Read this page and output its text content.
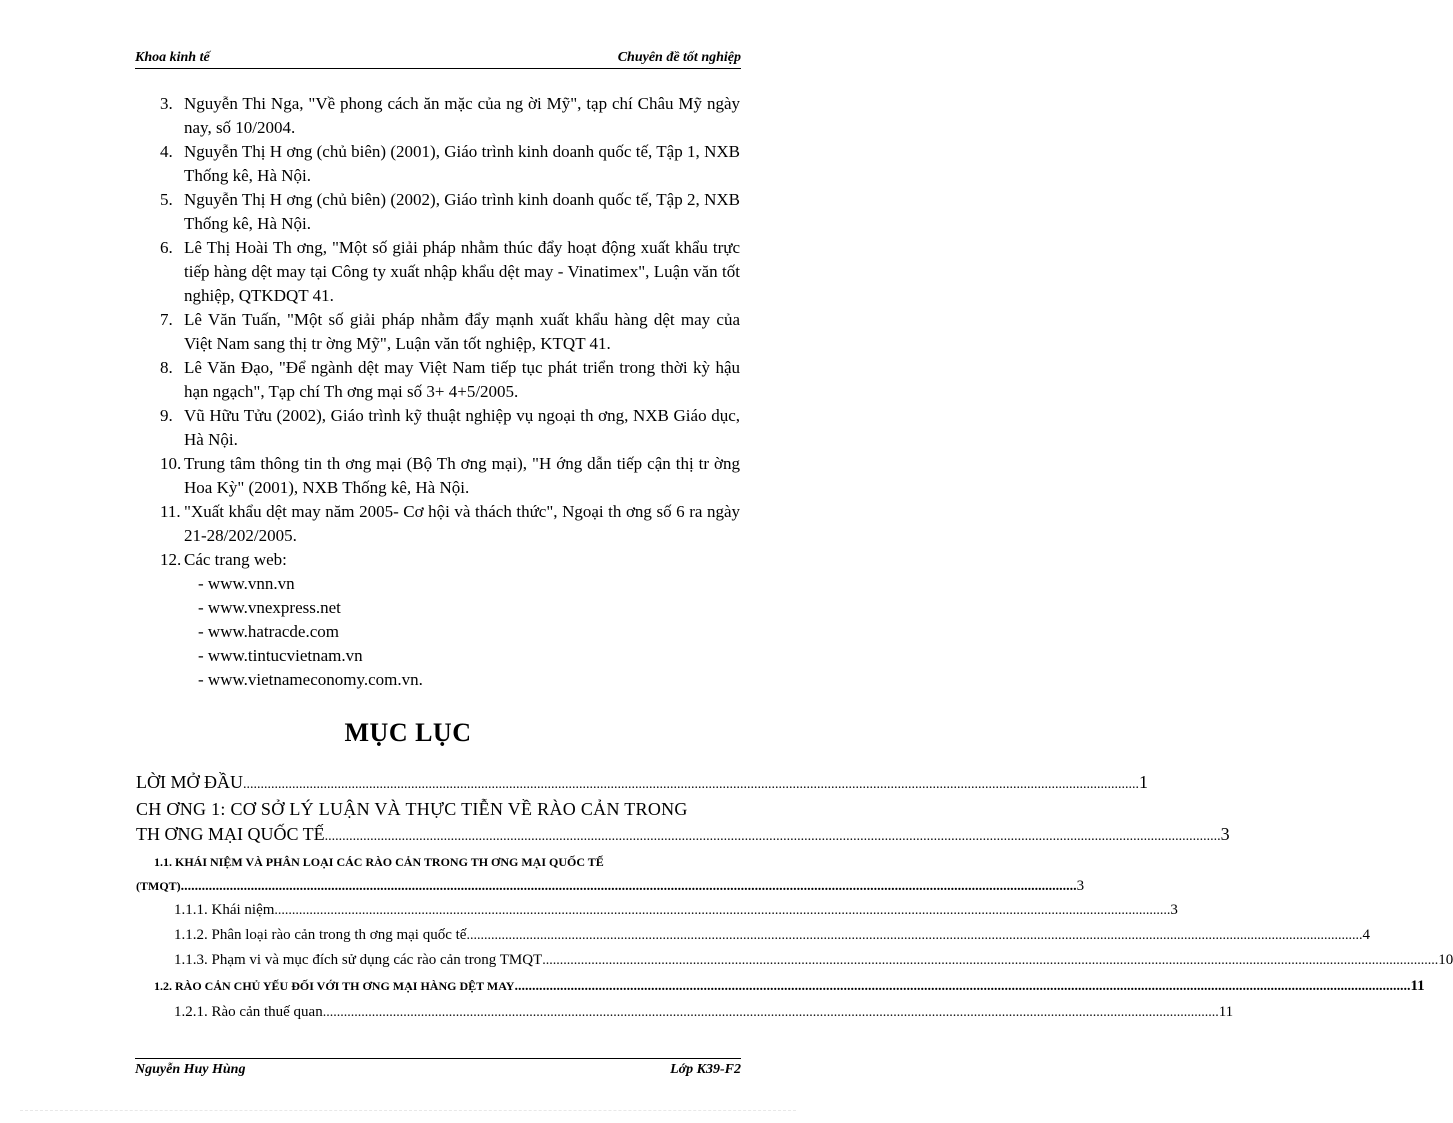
Khoa kinh tế	Chuyên đề tốt nghiệp
3. Nguyễn Thi Nga, "Về phong cách ăn mặc của ng ời Mỹ", tạp chí Châu Mỹ ngày nay, số 10/2004.
4. Nguyễn Thị H ơng (chủ biên) (2001), Giáo trình kinh doanh quốc tế, Tập 1, NXB Thống kê, Hà Nội.
5. Nguyễn Thị H ơng (chủ biên) (2002), Giáo trình kinh doanh quốc tế, Tập 2, NXB Thống kê, Hà Nội.
6. Lê Thị Hoài Th ơng, "Một số giải pháp nhằm thúc đẩy hoạt động xuất khẩu trực tiếp hàng dệt may tại Công ty xuất nhập khẩu dệt may - Vinatimex", Luận văn tốt nghiệp, QTKDQT 41.
7. Lê Văn Tuấn, "Một số giải pháp nhằm đẩy mạnh xuất khẩu hàng dệt may của Việt Nam sang thị tr ờng Mỹ", Luận văn tốt nghiệp, KTQT 41.
8. Lê Văn Đạo, "Để ngành dệt may Việt Nam tiếp tục phát triển trong thời kỳ hậu hạn ngạch", Tạp chí Th ơng mại số 3+ 4+5/2005.
9. Vũ Hữu Tửu (2002), Giáo trình kỹ thuật nghiệp vụ ngoại th ơng, NXB Giáo dục, Hà Nội.
10. Trung tâm thông tin th ơng mại (Bộ Th ơng mại), "H ớng dẫn tiếp cận thị tr ờng Hoa Kỳ" (2001), NXB Thống kê, Hà Nội.
11. "Xuất khẩu dệt may năm 2005- Cơ hội và thách thức", Ngoại th ơng số 6 ra ngày 21-28/202/2005.
12. Các trang web:
- www.vnn.vn
- www.vnexpress.net
- www.hatracde.com
- www.tintucvietnam.vn
- www.vietnameconomy.com.vn.
MỤC LỤC
LỜI MỞ ĐẦU .....	1
CH ƠNG 1: CƠ SỞ LÝ LUẬN VÀ THỰC TIỄN VỀ RÀO CẢN TRONG
TH ƠNG MẠI QUỐC TẾ .....	3
1.1. KHÁI NIỆM VÀ PHÂN LOẠI CÁC RÀO CẢN TRONG TH ƠNG MẠI QUỐC TẾ
(TMQT) .....	3
1.1.1. Khái niệm .....	3
1.1.2. Phân loại rào cản trong th ơng mại quốc tế .....	4
1.1.3. Phạm vi và mục đích sử dụng các rào cản trong TMQT .....	10
1.2. RÀO CẢN CHỦ YẾU ĐỐI VỚI TH ƠNG MẠI HÀNG DỆT MAY .....	11
1.2.1. Rào cản thuế quan .....	11
Nguyễn Huy Hùng	Lớp K39-F2
